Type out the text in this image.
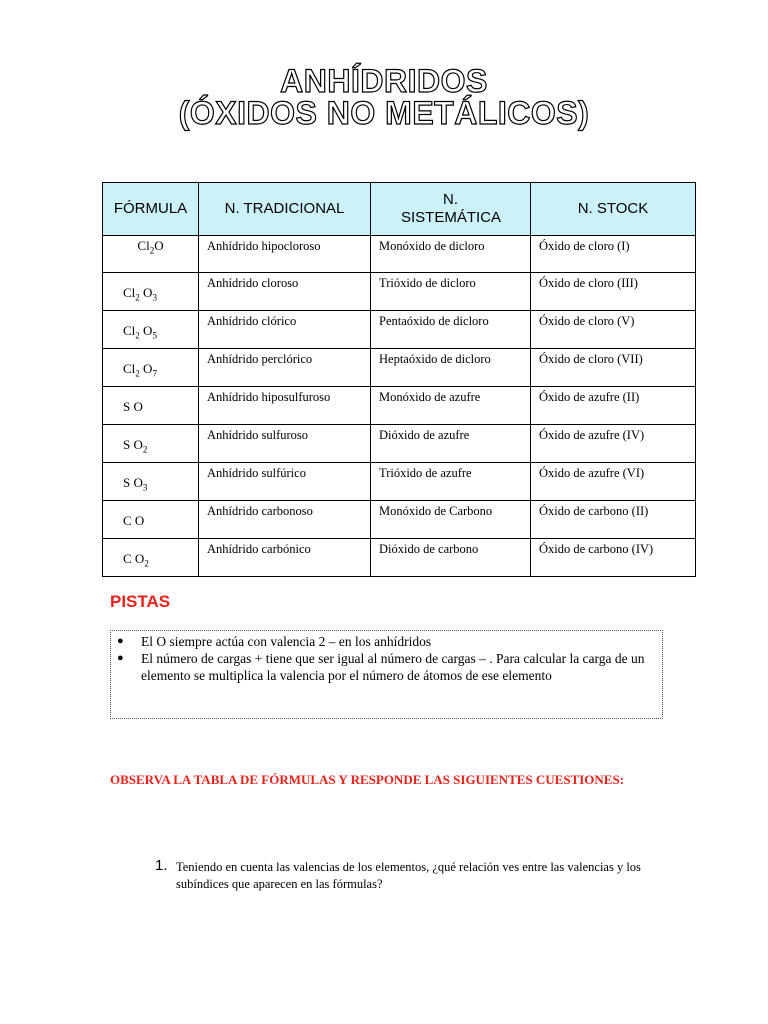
ANHÍDRIDOS
(ÓXIDOS NO METÁLICOS)
FÓRMULA	N. TRADICIONAL	N. SISTEMÁTICA	N. STOCK
$Cl_2O$	Anhídrido hipocloroso	Monóxido de dicloro	Óxido de cloro (I)
$Cl_2$ $O_3$	Anhídrido cloroso	Trióxido de dicloro	Óxido de cloro (III)
$Cl_2$ $O_5$	Anhídrido clórico	Pentaóxido de dicloro	Óxido de cloro (V)
$Cl_2$ $O_7$	Anhídrido perclórico	Heptaóxido de dicloro	Óxido de cloro (VII)
S O	Anhídrido hiposulfuroso	Monóxido de azufre	Óxido de azufre (II)
S $O_2$	Anhídrido sulfuroso	Dióxido de azufre	Óxido de azufre (IV)
S $O_3$	Anhídrido sulfúrico	Trióxido de azufre	Óxido de azufre (VI)
C O	Anhídrido carbonoso	Monóxido de Carbono	Óxido de carbono (II)
C $O_2$	Anhídrido carbónico	Dióxido de carbono	Óxido de carbono (IV)
PISTAS
● El O siempre actúa con valencia 2 – en los anhídridos
● El número de cargas + tiene que ser igual al número de cargas – . Para calcular la carga de un elemento se multiplica la valencia por el número de átomos de ese elemento
OBSERVA LA TABLA DE FÓRMULAS Y RESPONDE LAS SIGUIENTES CUESTIONES:
1. Teniendo en cuenta las valencias de los elementos, ¿qué relación ves entre las valencias y los subíndices que aparecen en las fórmulas?
